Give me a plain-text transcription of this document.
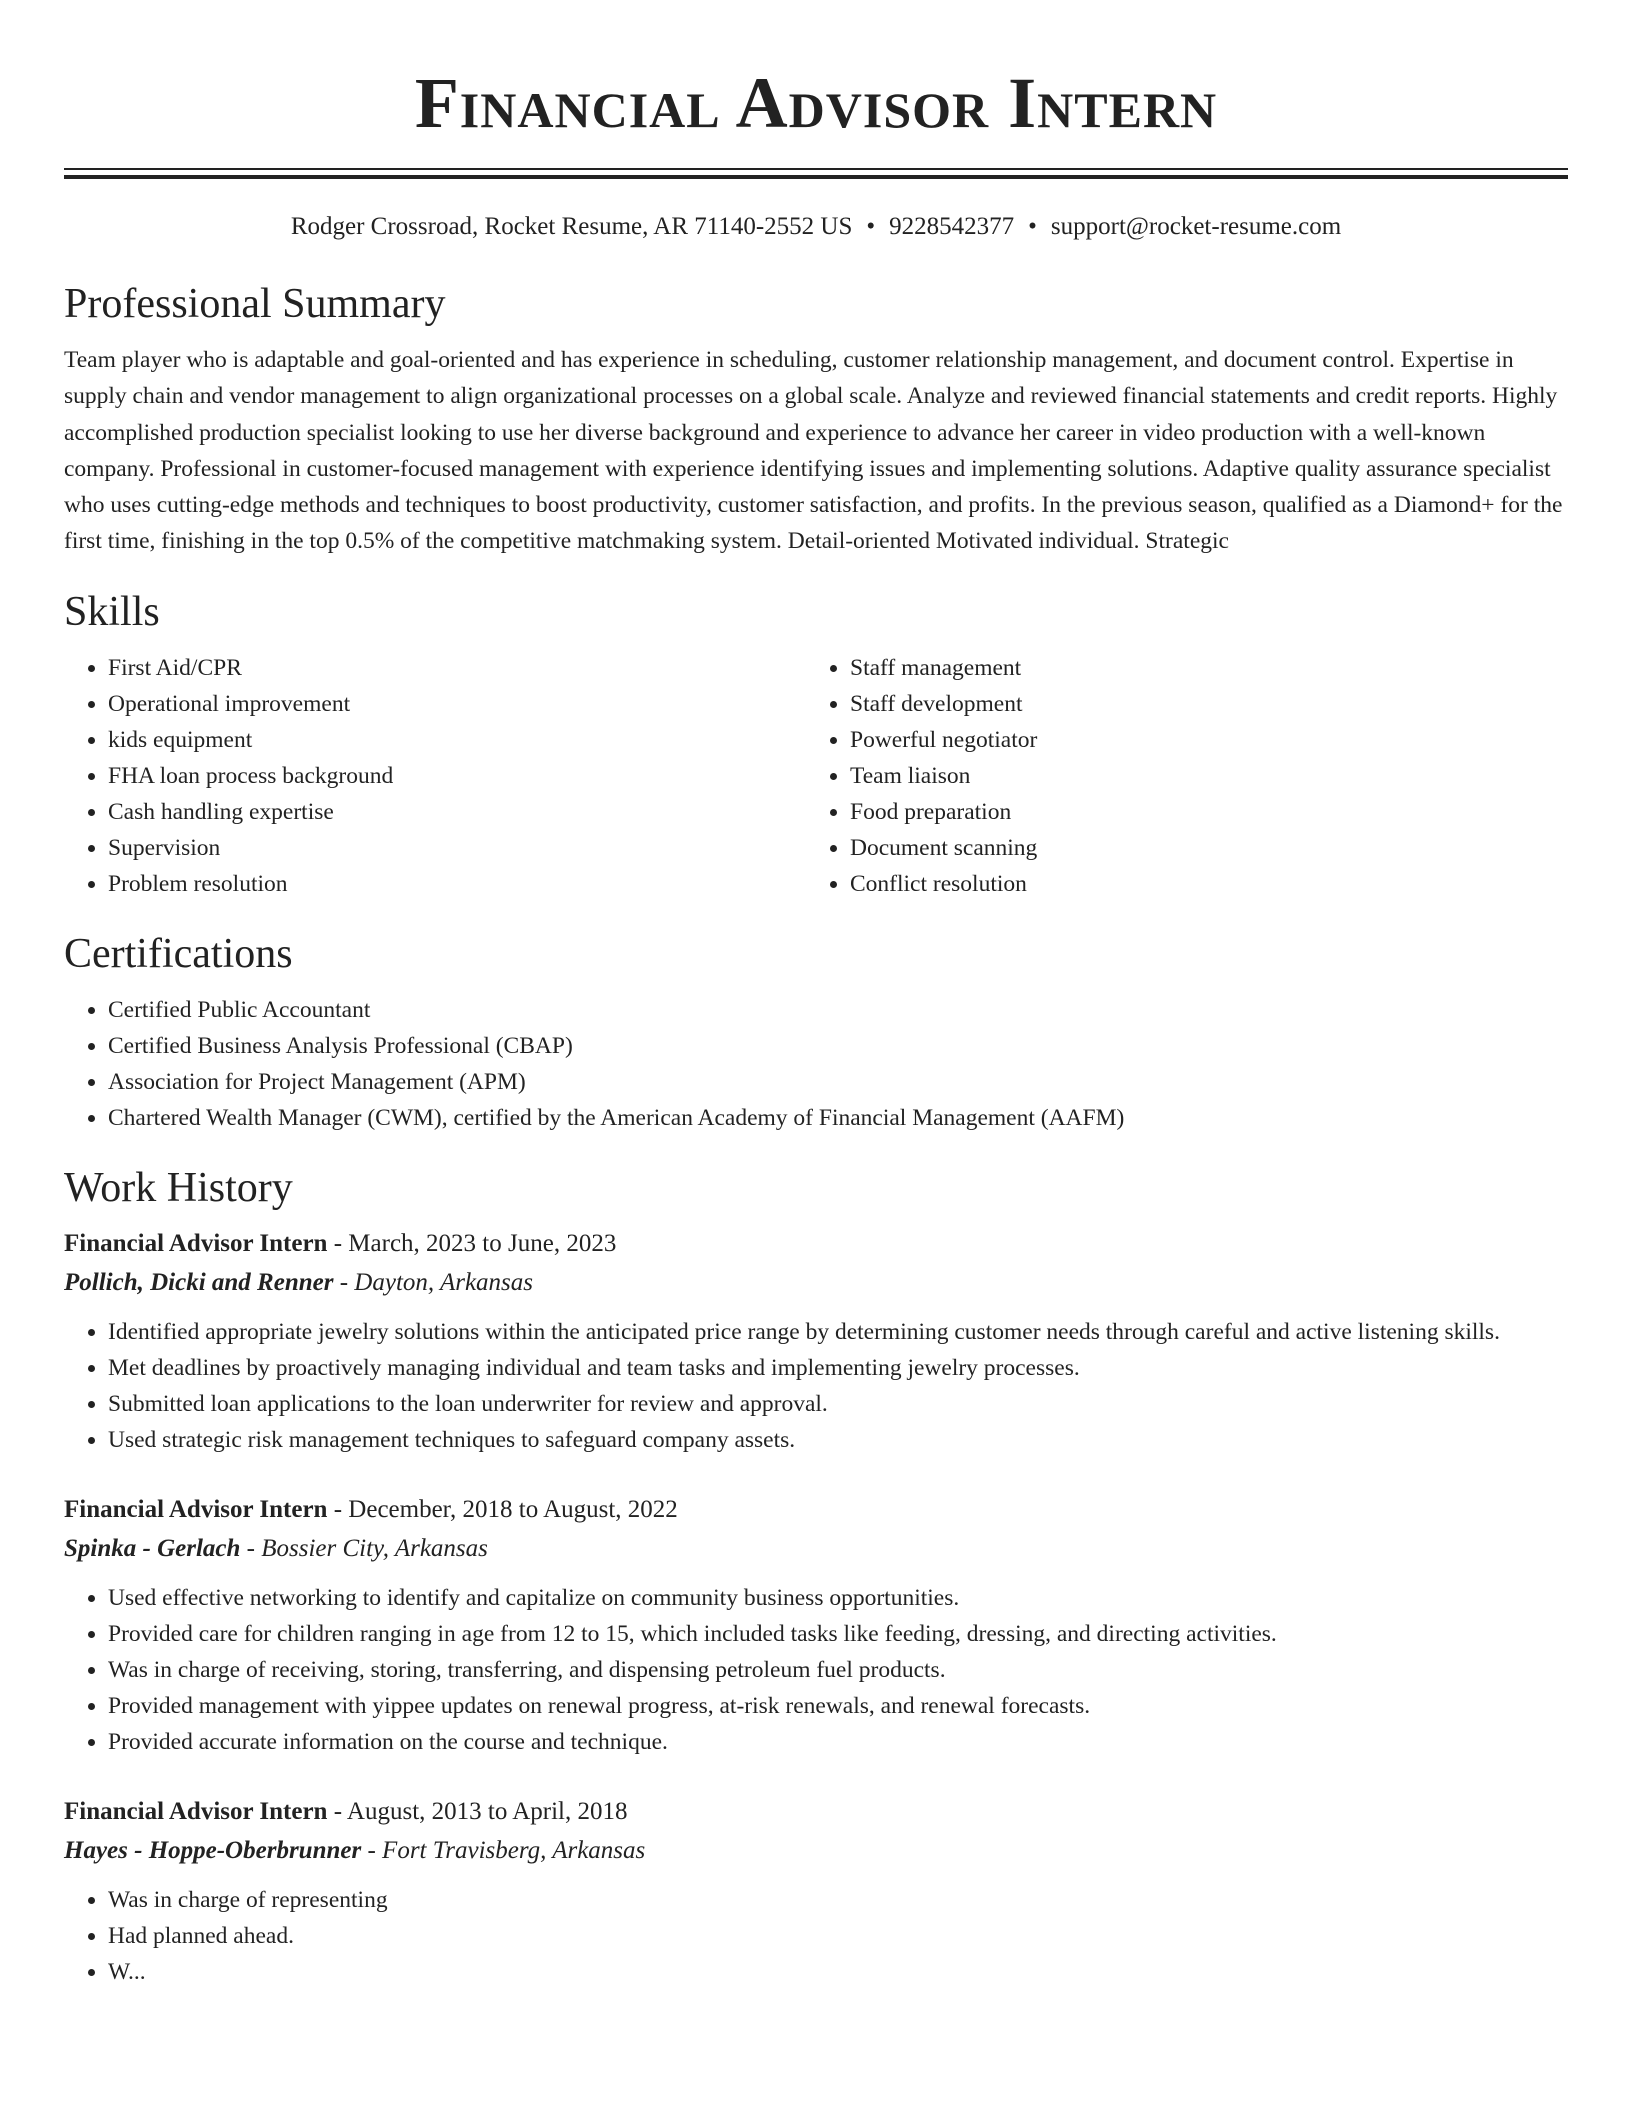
Financial Advisor Intern
Rodger Crossroad, Rocket Resume, AR 71140-2552 US • 9228542377 • support@rocket-resume.com
Professional Summary

Team player who is adaptable and goal-oriented and has experience in scheduling, customer relationship management, and document control. Expertise in supply chain and vendor management to align organizational processes on a global scale. Analyze and reviewed financial statements and credit reports. Highly accomplished production specialist looking to use her diverse background and experience to advance her career in video production with a well-known company. Professional in customer-focused management with experience identifying issues and implementing solutions. Adaptive quality assurance specialist who uses cutting-edge methods and techniques to boost productivity, customer satisfaction, and profits. In the previous season, qualified as a Diamond+ for the first time, finishing in the top 0.5% of the competitive matchmaking system. Detail-oriented Motivated individual. Strategic

Skills
• First Aid/CPR
• Operational improvement
• kids equipment
• FHA loan process background
• Cash handling expertise
• Supervision
• Problem resolution
• Staff management
• Staff development
• Powerful negotiator
• Team liaison
• Food preparation
• Document scanning
• Conflict resolution
Certifications
• Certified Public Accountant
• Certified Business Analysis Professional (CBAP)
• Association for Project Management (APM)
• Chartered Wealth Manager (CWM), certified by the American Academy of Financial Management (AAFM)
Work History
Financial Advisor Intern - March, 2023 to June, 2023
Pollich, Dicki and Renner - Dayton, Arkansas
• Identified appropriate jewelry solutions within the anticipated price range by determining customer needs through careful and active listening skills.
• Met deadlines by proactively managing individual and team tasks and implementing jewelry processes.
• Submitted loan applications to the loan underwriter for review and approval.
• Used strategic risk management techniques to safeguard company assets.
Financial Advisor Intern - December, 2018 to August, 2022
Spinka - Gerlach - Bossier City, Arkansas
• Used effective networking to identify and capitalize on community business opportunities.
• Provided care for children ranging in age from 12 to 15, which included tasks like feeding, dressing, and directing activities.
• Was in charge of receiving, storing, transferring, and dispensing petroleum fuel products.
• Provided management with yippee updates on renewal progress, at-risk renewals, and renewal forecasts.
• Provided accurate information on the course and technique.
Financial Advisor Intern - August, 2013 to April, 2018
Hayes - Hoppe-Oberbrunner - Fort Travisberg, Arkansas
• Was in charge of representing
• Had planned ahead.
• W...
